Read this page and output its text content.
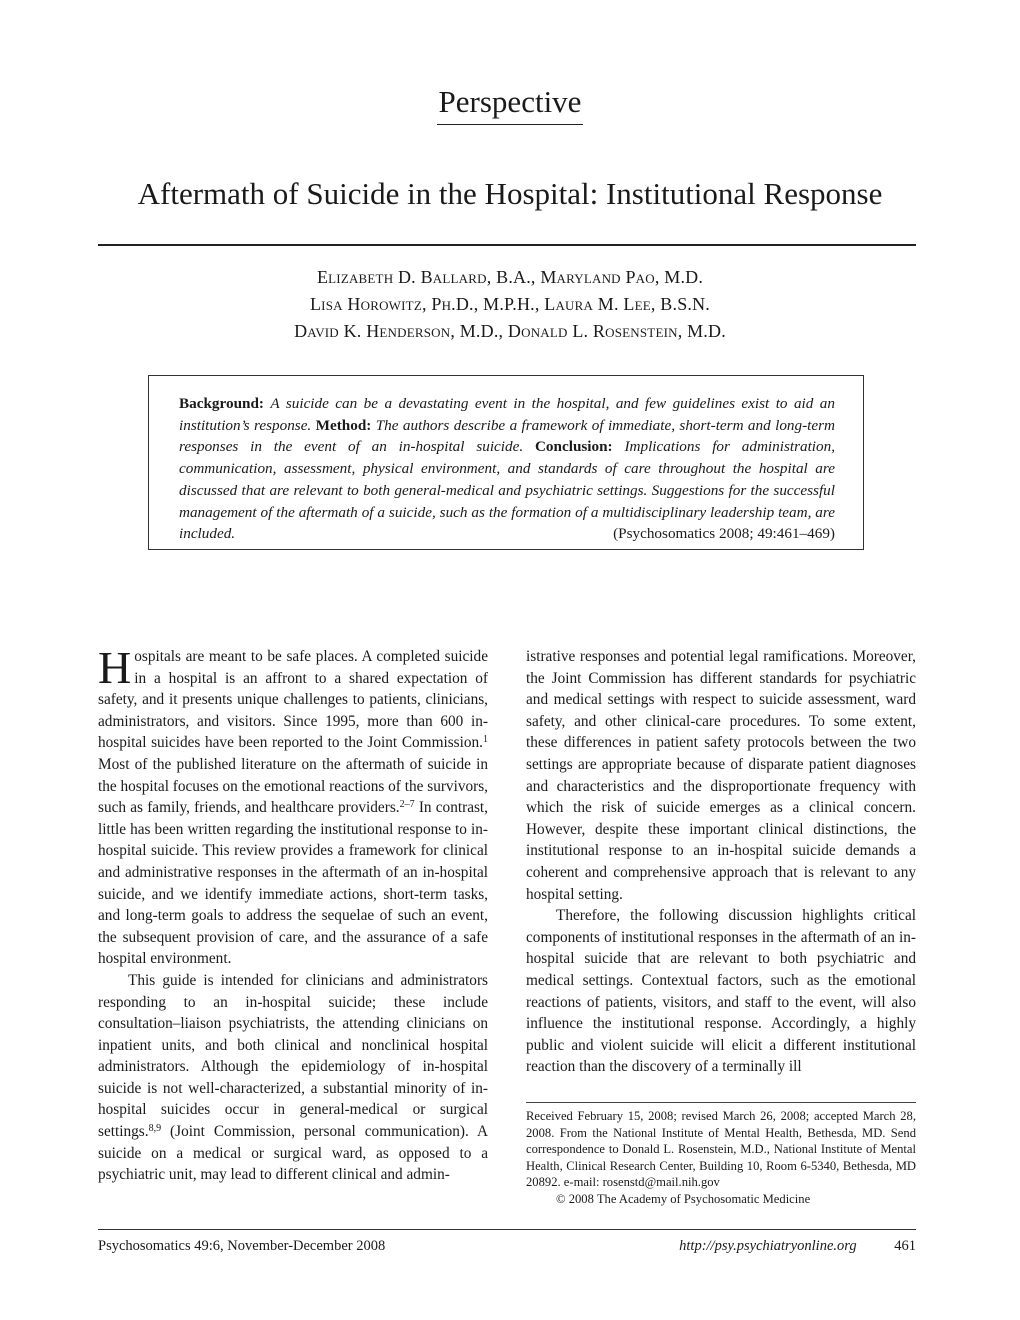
Perspective
Aftermath of Suicide in the Hospital: Institutional Response
Elizabeth D. Ballard, B.A., Maryland Pao, M.D.
Lisa Horowitz, Ph.D., M.P.H., Laura M. Lee, B.S.N.
David K. Henderson, M.D., Donald L. Rosenstein, M.D.
Background: A suicide can be a devastating event in the hospital, and few guidelines exist to aid an institution’s response. Method: The authors describe a framework of immediate, short-term and long-term responses in the event of an in-hospital suicide. Conclusion: Implications for administration, communication, assessment, physical environment, and standards of care throughout the hospital are discussed that are relevant to both general-medical and psychiatric settings. Suggestions for the successful management of the aftermath of a suicide, such as the formation of a multidisciplinary leadership team, are included.	(Psychosomatics 2008; 49:461–469)

Hospitals are meant to be safe places. A completed suicide in a hospital is an affront to a shared expectation of safety, and it presents unique challenges to patients, clinicians, administrators, and visitors. Since 1995, more than 600 in-hospital suicides have been reported to the Joint Commission.$^1$ Most of the published literature on the aftermath of suicide in the hospital focuses on the emotional reactions of the survivors, such as family, friends, and healthcare providers.$^{2-7}$ In contrast, little has been written regarding the institutional response to in-hospital suicide. This review provides a framework for clinical and administrative responses in the aftermath of an in-hospital suicide, and we identify immediate actions, short-term tasks, and long-term goals to address the sequelae of such an event, the subsequent provision of care, and the assurance of a safe hospital environment.

This guide is intended for clinicians and administrators responding to an in-hospital suicide; these include consultation–liaison psychiatrists, the attending clinicians on inpatient units, and both clinical and nonclinical hospital administrators. Although the epidemiology of in-hospital suicide is not well-characterized, a substantial minority of in-hospital suicides occur in general-medical or surgical settings.$^{8,9}$ (Joint Commission, personal communication). A suicide on a medical or surgical ward, as opposed to a psychiatric unit, may lead to different clinical and admin-

istrative responses and potential legal ramifications. Moreover, the Joint Commission has different standards for psychiatric and medical settings with respect to suicide assessment, ward safety, and other clinical-care procedures. To some extent, these differences in patient safety protocols between the two settings are appropriate because of disparate patient diagnoses and characteristics and the disproportionate frequency with which the risk of suicide emerges as a clinical concern. However, despite these important clinical distinctions, the institutional response to an in-hospital suicide demands a coherent and comprehensive approach that is relevant to any hospital setting.

Therefore, the following discussion highlights critical components of institutional responses in the aftermath of an in-hospital suicide that are relevant to both psychiatric and medical settings. Contextual factors, such as the emotional reactions of patients, visitors, and staff to the event, will also influence the institutional response. Accordingly, a highly public and violent suicide will elicit a different institutional reaction than the discovery of a terminally ill

Received February 15, 2008; revised March 26, 2008; accepted March 28, 2008. From the National Institute of Mental Health, Bethesda, MD. Send correspondence to Donald L. Rosenstein, M.D., National Institute of Mental Health, Clinical Research Center, Building 10, Room 6-5340, Bethesda, MD 20892. e-mail: rosenstd@mail.nih.gov

© 2008 The Academy of Psychosomatic Medicine

Psychosomatics 49:6, November-December 2008	http://psy.psychiatryonline.org	461
